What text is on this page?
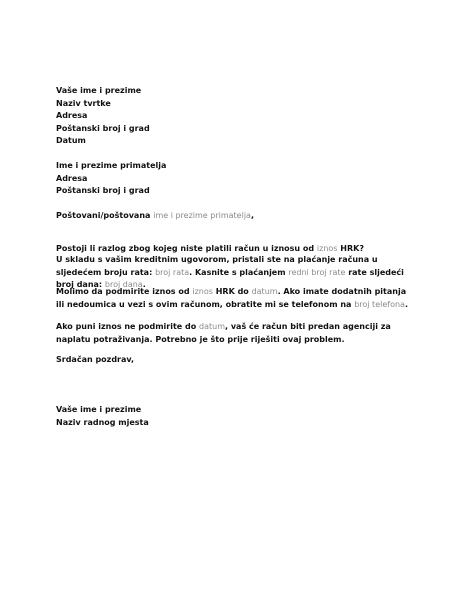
Vaše ime i prezime
Naziv tvrtke
Adresa
Poštanski broj i grad
Datum
Ime i prezime primatelja
Adresa
Poštanski broj i grad

Poštovani/poštovana ime i prezime primatelja,

Postoji li razlog zbog kojeg niste platili račun u iznosu od iznos HRK?

U skladu s vašim kreditnim ugovorom, pristali ste na plaćanje računa u sljedećem broju rata: broj rata. Kasnite s plaćanjem redni broj rate rate sljedeći broj dana: broj dana.

Molimo da podmirite iznos od iznos HRK do datum. Ako imate dodatnih pitanja ili nedoumica u vezi s ovim računom, obratite mi se telefonom na broj telefona.

Ako puni iznos ne podmirite do datum, vaš će račun biti predan agenciji za naplatu potraživanja. Potrebno je što prije riješiti ovaj problem.

Srdačan pozdrav,
Vaše ime i prezime
Naziv radnog mjesta
